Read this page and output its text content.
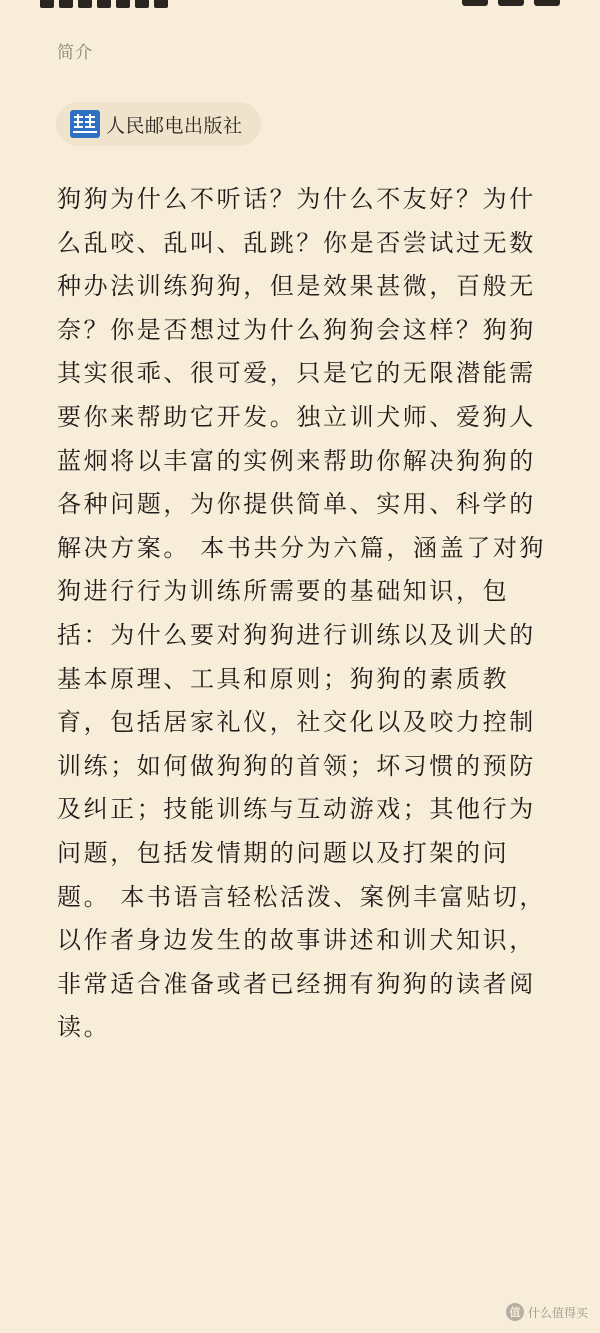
简介
人民邮电出版社

狗狗为什么不听话？为什么不友好？为什么乱咬、乱叫、乱跳？你是否尝试过无数种办法训练狗狗，但是效果甚微，百般无奈？你是否想过为什么狗狗会这样？狗狗其实很乖、很可爱，只是它的无限潜能需要你来帮助它开发。独立训犬师、爱狗人蓝炯将以丰富的实例来帮助你解决狗狗的各种问题，为你提供简单、实用、科学的解决方案。 本书共分为六篇，涵盖了对狗狗进行行为训练所需要的基础知识，包括：为什么要对狗狗进行训练以及训犬的基本原理、工具和原则；狗狗的素质教育，包括居家礼仪，社交化以及咬力控制训练；如何做狗狗的首领；坏习惯的预防及纠正；技能训练与互动游戏；其他行为问题，包括发情期的问题以及打架的问题。 本书语言轻松活泼、案例丰富贴切，以作者身边发生的故事讲述和训犬知识，非常适合准备或者已经拥有狗狗的读者阅读。

值 什么值得买
